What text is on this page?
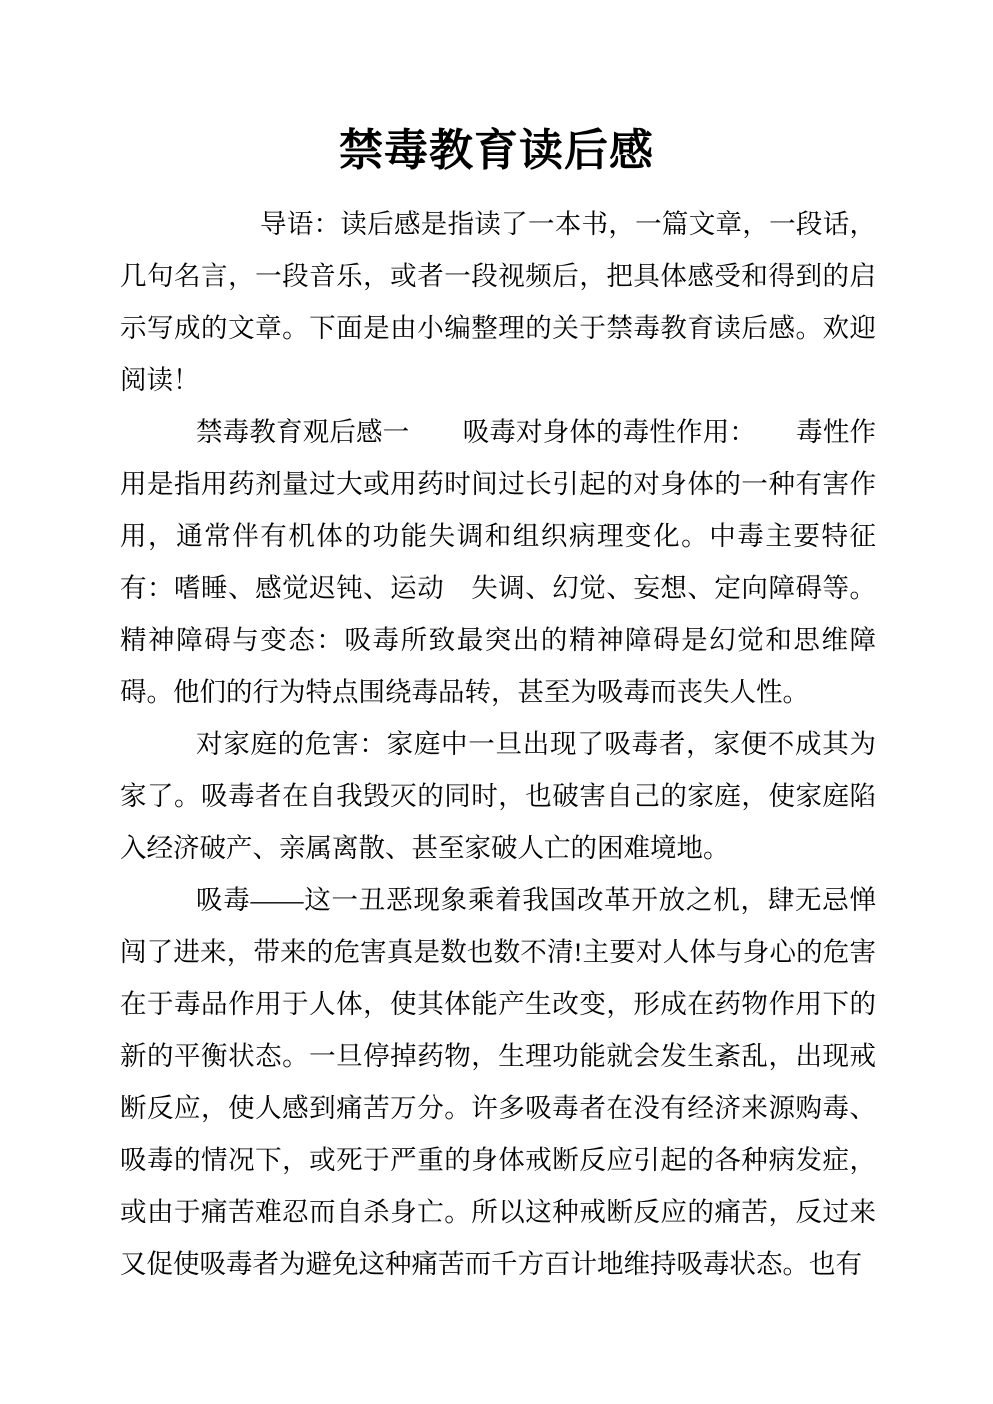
禁毒教育读后感

导语：读后感是指读了一本书，一篇文章，一段话，几句名言，一段音乐，或者一段视频后，把具体感受和得到的启示写成的文章。下面是由小编整理的关于禁毒教育读后感。欢迎阅读！

禁毒教育观后感一　　吸毒对身体的毒性作用：　　毒性作用是指用药剂量过大或用药时间过长引起的对身体的一种有害作用，通常伴有机体的功能失调和组织病理变化。中毒主要特征有：嗜睡、感觉迟钝、运动　失调、幻觉、妄想、定向障碍等。精神障碍与变态：吸毒所致最突出的精神障碍是幻觉和思维障碍。他们的行为特点围绕毒品转，甚至为吸毒而丧失人性。

对家庭的危害：家庭中一旦出现了吸毒者，家便不成其为家了。吸毒者在自我毁灭的同时，也破害自己的家庭，使家庭陷入经济破产、亲属离散、甚至家破人亡的困难境地。

吸毒——这一丑恶现象乘着我国改革开放之机，肆无忌惮闯了进来，带来的危害真是数也数不清!主要对人体与身心的危害在于毒品作用于人体，使其体能产生改变，形成在药物作用下的新的平衡状态。一旦停掉药物，生理功能就会发生紊乱，出现戒断反应，使人感到痛苦万分。许多吸毒者在没有经济来源购毒、吸毒的情况下，或死于严重的身体戒断反应引起的各种病发症，或由于痛苦难忍而自杀身亡。所以这种戒断反应的痛苦，反过来又促使吸毒者为避免这种痛苦而千方百计地维持吸毒状态。也有
